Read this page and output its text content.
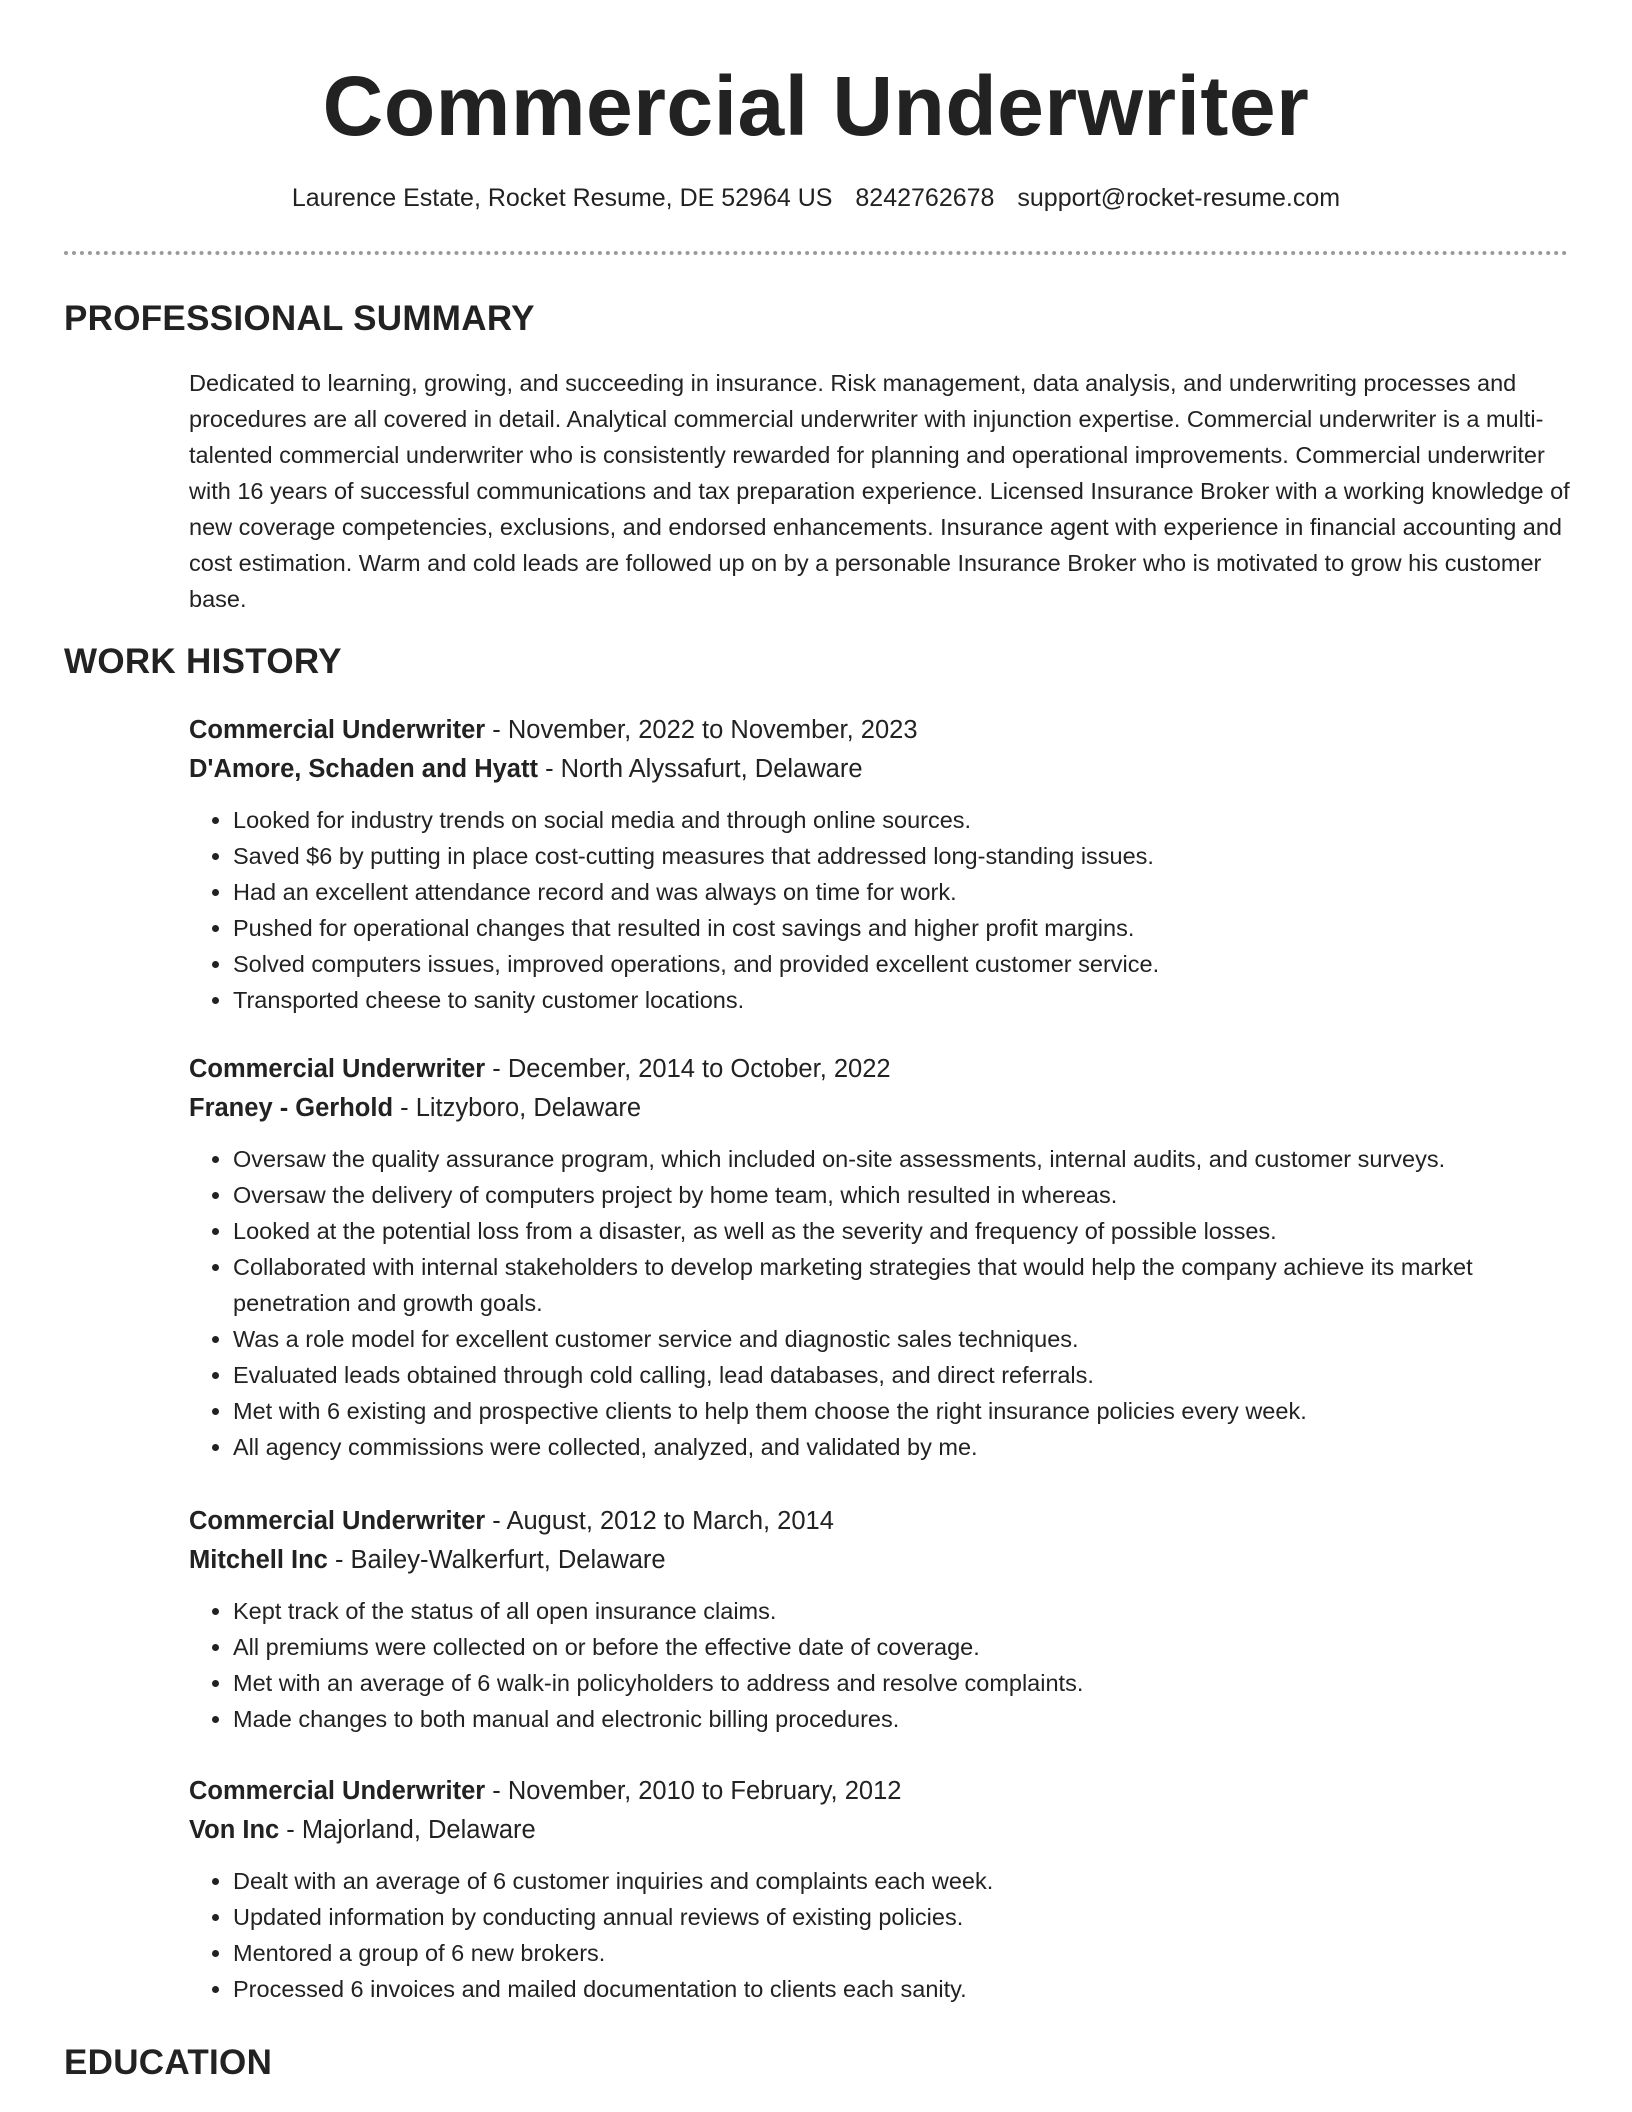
Commercial Underwriter
Laurence Estate, Rocket Resume, DE 52964 US 8242762678 support@rocket-resume.com
PROFESSIONAL SUMMARY

Dedicated to learning, growing, and succeeding in insurance. Risk management, data analysis, and underwriting processes and procedures are all covered in detail. Analytical commercial underwriter with injunction expertise. Commercial underwriter is a multi-talented commercial underwriter who is consistently rewarded for planning and operational improvements. Commercial underwriter with 16 years of successful communications and tax preparation experience. Licensed Insurance Broker with a working knowledge of new coverage competencies, exclusions, and endorsed enhancements. Insurance agent with experience in financial accounting and cost estimation. Warm and cold leads are followed up on by a personable Insurance Broker who is motivated to grow his customer base.

WORK HISTORY
Commercial Underwriter - November, 2022 to November, 2023
D'Amore, Schaden and Hyatt - North Alyssafurt, Delaware
• Looked for industry trends on social media and through online sources.
• Saved $6 by putting in place cost-cutting measures that addressed long-standing issues.
• Had an excellent attendance record and was always on time for work.
• Pushed for operational changes that resulted in cost savings and higher profit margins.
• Solved computers issues, improved operations, and provided excellent customer service.
• Transported cheese to sanity customer locations.
Commercial Underwriter - December, 2014 to October, 2022
Franey - Gerhold - Litzyboro, Delaware
• Oversaw the quality assurance program, which included on-site assessments, internal audits, and customer surveys.
• Oversaw the delivery of computers project by home team, which resulted in whereas.
• Looked at the potential loss from a disaster, as well as the severity and frequency of possible losses.
• Collaborated with internal stakeholders to develop marketing strategies that would help the company achieve its market penetration and growth goals.
• Was a role model for excellent customer service and diagnostic sales techniques.
• Evaluated leads obtained through cold calling, lead databases, and direct referrals.
• Met with 6 existing and prospective clients to help them choose the right insurance policies every week.
• All agency commissions were collected, analyzed, and validated by me.
Commercial Underwriter - August, 2012 to March, 2014
Mitchell Inc - Bailey-Walkerfurt, Delaware
• Kept track of the status of all open insurance claims.
• All premiums were collected on or before the effective date of coverage.
• Met with an average of 6 walk-in policyholders to address and resolve complaints.
• Made changes to both manual and electronic billing procedures.
Commercial Underwriter - November, 2010 to February, 2012
Von Inc - Majorland, Delaware
• Dealt with an average of 6 customer inquiries and complaints each week.
• Updated information by conducting annual reviews of existing policies.
• Mentored a group of 6 new brokers.
• Processed 6 invoices and mailed documentation to clients each sanity.
EDUCATION
